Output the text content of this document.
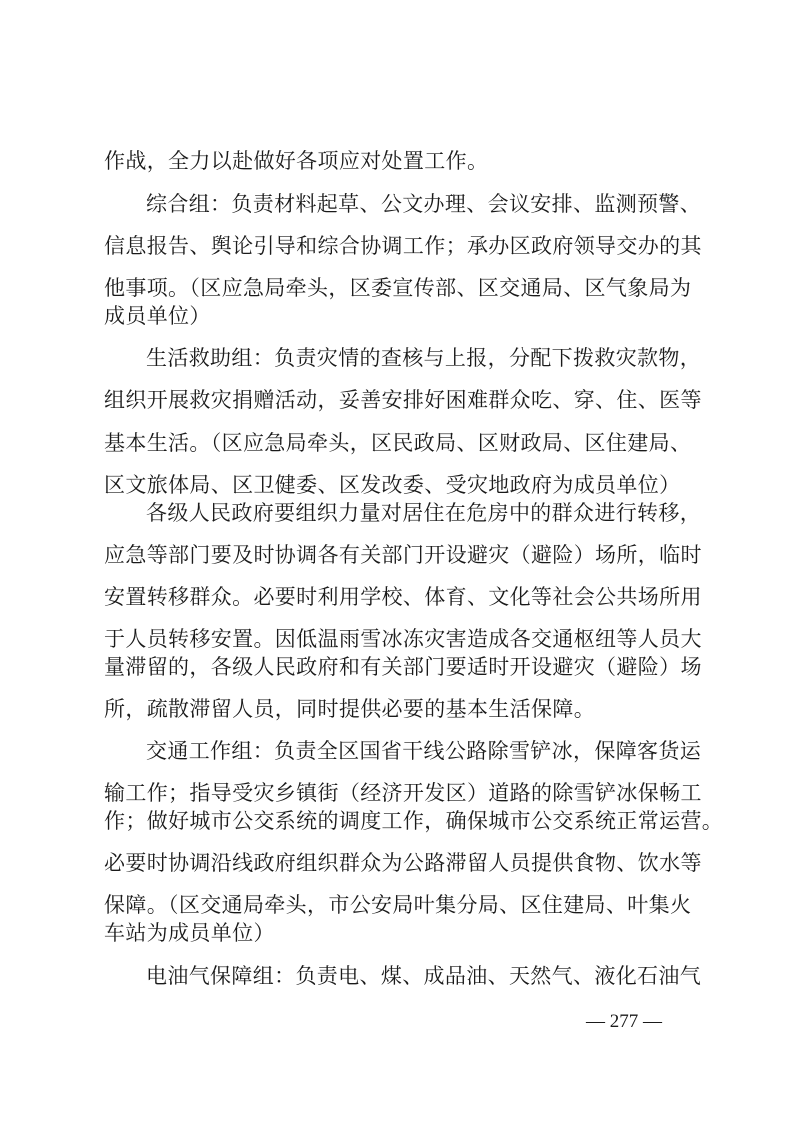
作战，全力以赴做好各项应对处置工作。
综合组：负责材料起草、公文办理、会议安排、监测预警、
信息报告、舆论引导和综合协调工作；承办区政府领导交办的其
他事项。（区应急局牵头，区委宣传部、区交通局、区气象局为
成员单位）
生活救助组：负责灾情的查核与上报，分配下拨救灾款物，
组织开展救灾捐赠活动，妥善安排好困难群众吃、穿、住、医等
基本生活。（区应急局牵头，区民政局、区财政局、区住建局、
区文旅体局、区卫健委、区发改委、受灾地政府为成员单位）
各级人民政府要组织力量对居住在危房中的群众进行转移，
应急等部门要及时协调各有关部门开设避灾（避险）场所，临时
安置转移群众。必要时利用学校、体育、文化等社会公共场所用
于人员转移安置。因低温雨雪冰冻灾害造成各交通枢纽等人员大
量滞留的，各级人民政府和有关部门要适时开设避灾（避险）场
所，疏散滞留人员，同时提供必要的基本生活保障。
交通工作组：负责全区国省干线公路除雪铲冰，保障客货运
输工作；指导受灾乡镇街（经济开发区）道路的除雪铲冰保畅工
作；做好城市公交系统的调度工作，确保城市公交系统正常运营。
必要时协调沿线政府组织群众为公路滞留人员提供食物、饮水等
保障。（区交通局牵头，市公安局叶集分局、区住建局、叶集火
车站为成员单位）
电油气保障组：负责电、煤、成品油、天然气、液化石油气
— 277 —
